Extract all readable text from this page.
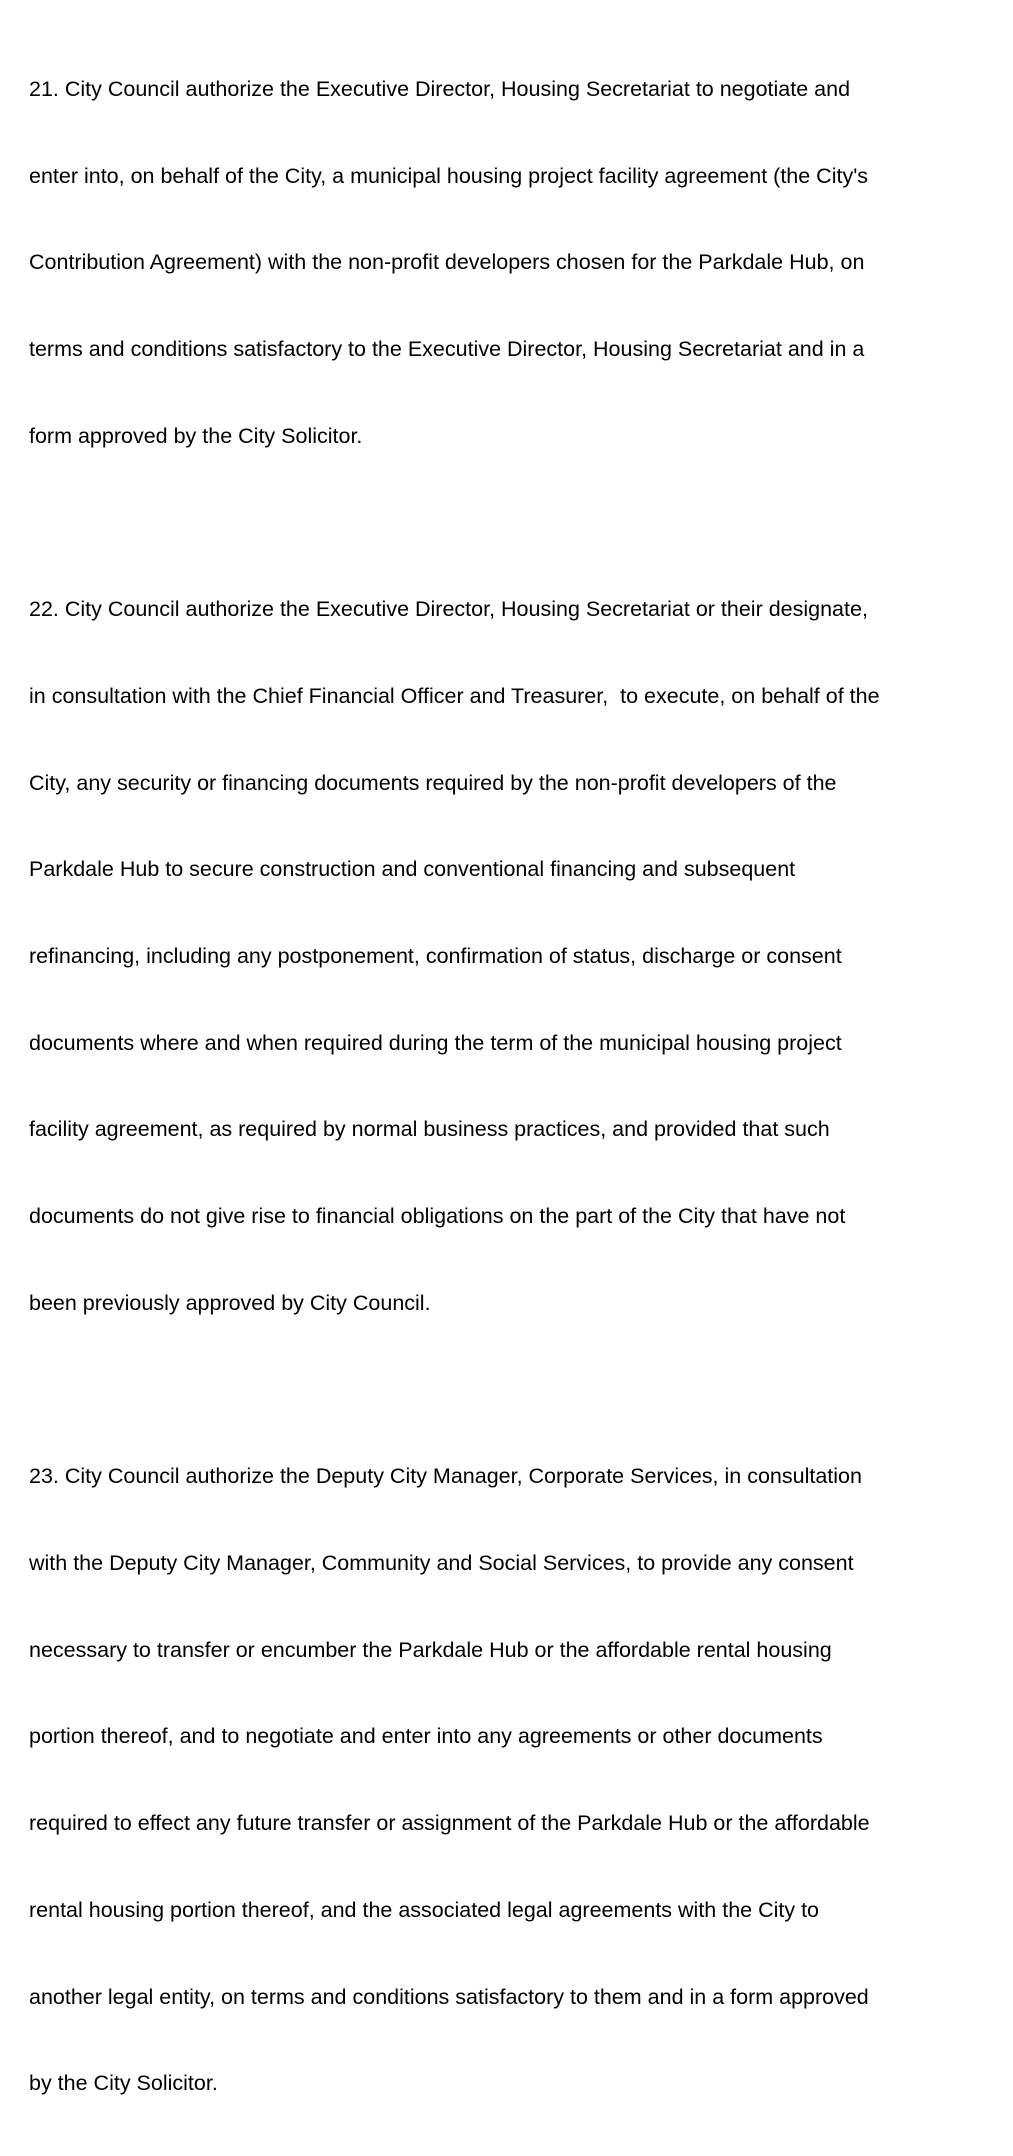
21. City Council authorize the Executive Director, Housing Secretariat to negotiate and

enter into, on behalf of the City, a municipal housing project facility agreement (the City's

Contribution Agreement) with the non-profit developers chosen for the Parkdale Hub, on

terms and conditions satisfactory to the Executive Director, Housing Secretariat and in a

form approved by the City Solicitor.

22. City Council authorize the Executive Director, Housing Secretariat or their designate,

in consultation with the Chief Financial Officer and Treasurer,  to execute, on behalf of the

City, any security or financing documents required by the non-profit developers of the

Parkdale Hub to secure construction and conventional financing and subsequent

refinancing, including any postponement, confirmation of status, discharge or consent

documents where and when required during the term of the municipal housing project

facility agreement, as required by normal business practices, and provided that such

documents do not give rise to financial obligations on the part of the City that have not

been previously approved by City Council.

23. City Council authorize the Deputy City Manager, Corporate Services, in consultation

with the Deputy City Manager, Community and Social Services, to provide any consent

necessary to transfer or encumber the Parkdale Hub or the affordable rental housing

portion thereof, and to negotiate and enter into any agreements or other documents

required to effect any future transfer or assignment of the Parkdale Hub or the affordable

rental housing portion thereof, and the associated legal agreements with the City to

another legal entity, on terms and conditions satisfactory to them and in a form approved

by the City Solicitor.
